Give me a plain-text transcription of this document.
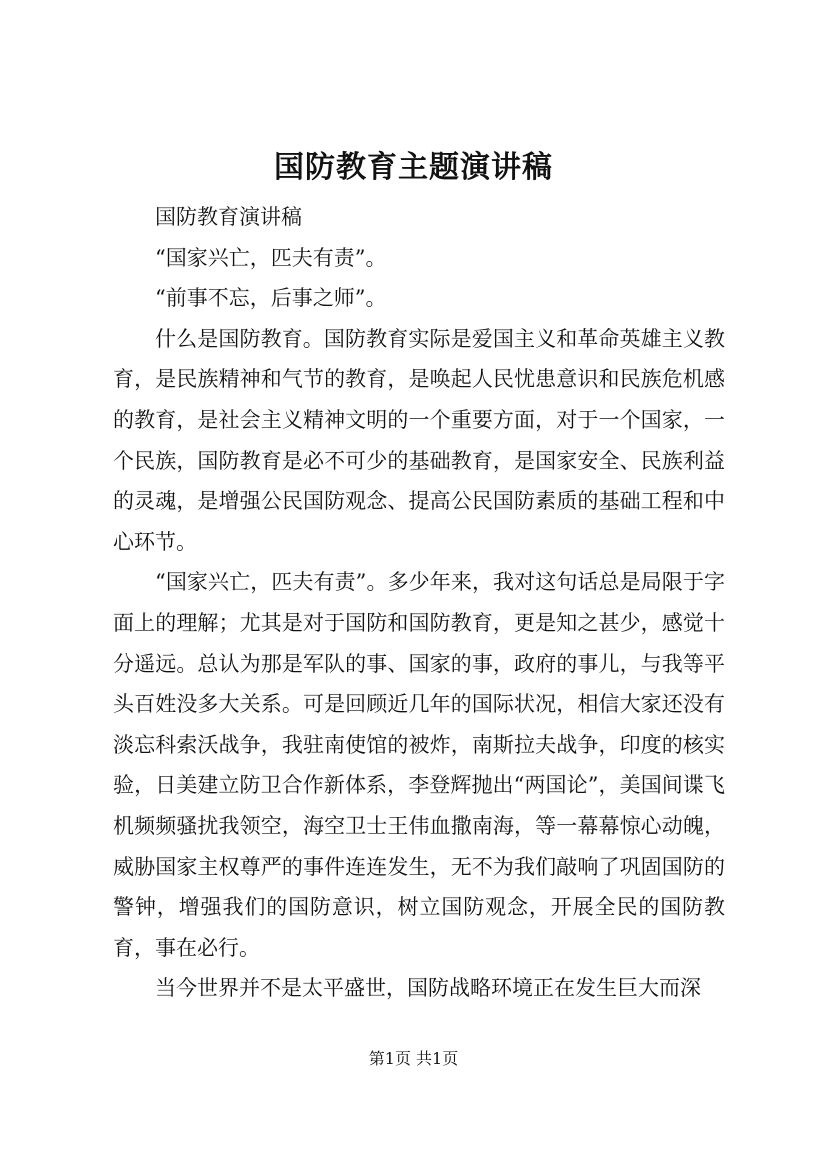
国防教育主题演讲稿

国防教育演讲稿

“国家兴亡，匹夫有责”。

“前事不忘，后事之师”。

什么是国防教育。国防教育实际是爱国主义和革命英雄主义教育，是民族精神和气节的教育，是唤起人民忧患意识和民族危机感的教育，是社会主义精神文明的一个重要方面，对于一个国家，一个民族，国防教育是必不可少的基础教育，是国家安全、民族利益的灵魂，是增强公民国防观念、提高公民国防素质的基础工程和中心环节。

“国家兴亡，匹夫有责”。多少年来，我对这句话总是局限于字面上的理解；尤其是对于国防和国防教育，更是知之甚少，感觉十分遥远。总认为那是军队的事、国家的事，政府的事儿，与我等平头百姓没多大关系。可是回顾近几年的国际状况，相信大家还没有淡忘科索沃战争，我驻南使馆的被炸，南斯拉夫战争，印度的核实验，日美建立防卫合作新体系，李登辉抛出“两国论”，美国间谍飞机频频骚扰我领空，海空卫士王伟血撒南海，等一幕幕惊心动魄，威胁国家主权尊严的事件连连发生，无不为我们敲响了巩固国防的警钟，增强我们的国防意识，树立国防观念，开展全民的国防教育，事在必行。

当今世界并不是太平盛世，国防战略环境正在发生巨大而深

第1页 共1页
